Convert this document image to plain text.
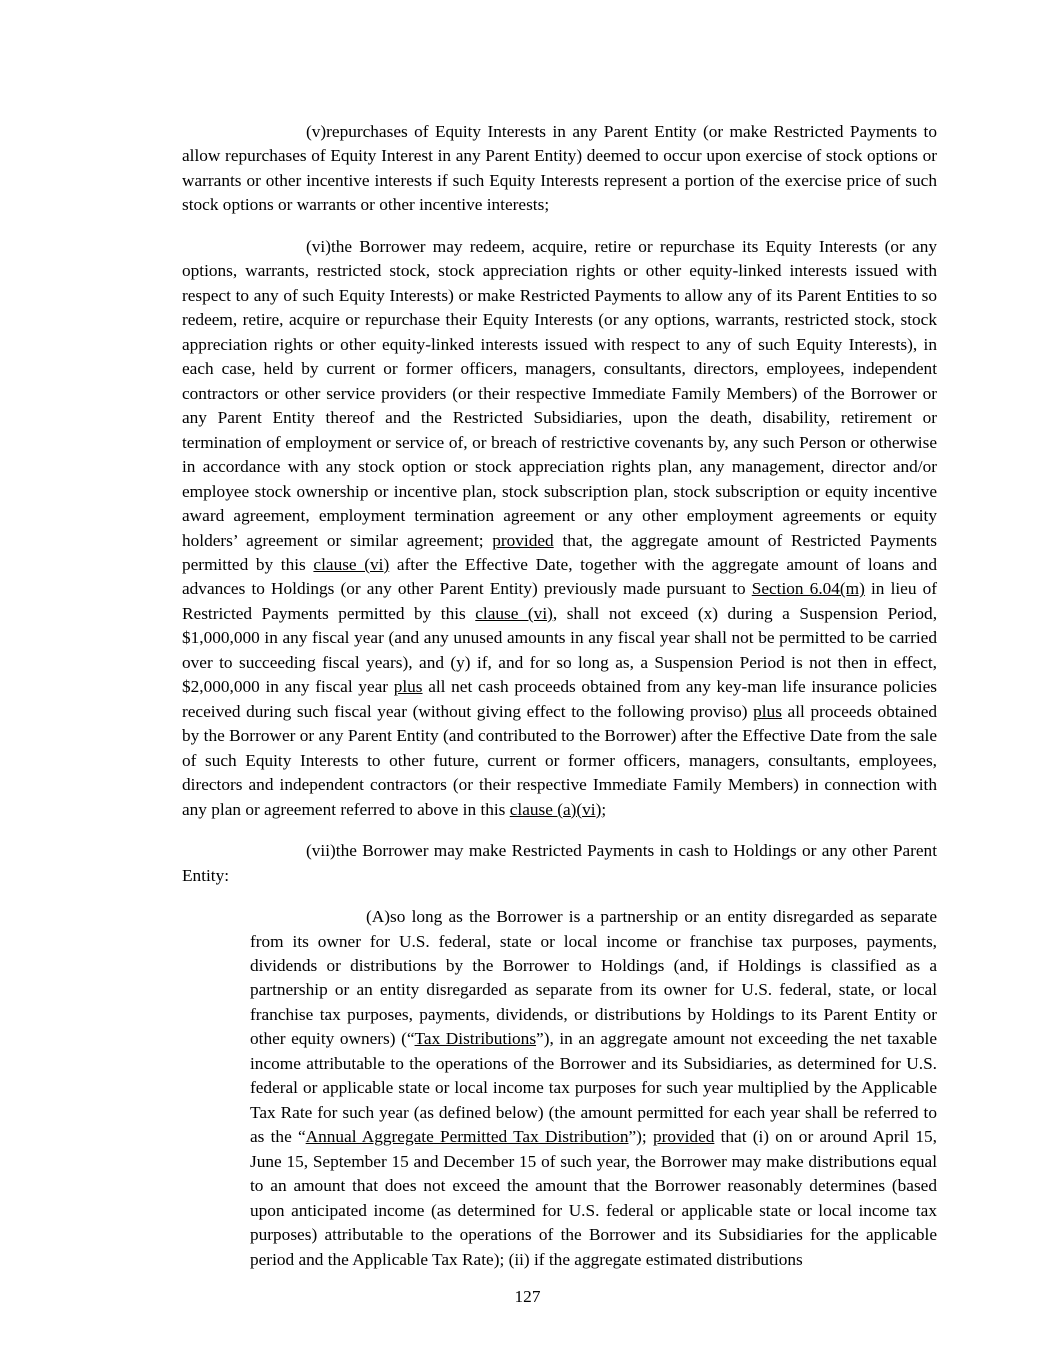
(v)repurchases of Equity Interests in any Parent Entity (or make Restricted Payments to allow repurchases of Equity Interest in any Parent Entity) deemed to occur upon exercise of stock options or warrants or other incentive interests if such Equity Interests represent a portion of the exercise price of such stock options or warrants or other incentive interests;

(vi)the Borrower may redeem, acquire, retire or repurchase its Equity Interests (or any options, warrants, restricted stock, stock appreciation rights or other equity-linked interests issued with respect to any of such Equity Interests) or make Restricted Payments to allow any of its Parent Entities to so redeem, retire, acquire or repurchase their Equity Interests (or any options, warrants, restricted stock, stock appreciation rights or other equity-linked interests issued with respect to any of such Equity Interests), in each case, held by current or former officers, managers, consultants, directors, employees, independent contractors or other service providers (or their respective Immediate Family Members) of the Borrower or any Parent Entity thereof and the Restricted Subsidiaries, upon the death, disability, retirement or termination of employment or service of, or breach of restrictive covenants by, any such Person or otherwise in accordance with any stock option or stock appreciation rights plan, any management, director and/or employee stock ownership or incentive plan, stock subscription plan, stock subscription or equity incentive award agreement, employment termination agreement or any other employment agreements or equity holders’ agreement or similar agreement; provided that, the aggregate amount of Restricted Payments permitted by this clause (vi) after the Effective Date, together with the aggregate amount of loans and advances to Holdings (or any other Parent Entity) previously made pursuant to Section 6.04(m) in lieu of Restricted Payments permitted by this clause (vi), shall not exceed (x) during a Suspension Period, $1,000,000 in any fiscal year (and any unused amounts in any fiscal year shall not be permitted to be carried over to succeeding fiscal years), and (y) if, and for so long as, a Suspension Period is not then in effect, $2,000,000 in any fiscal year plus all net cash proceeds obtained from any key-man life insurance policies received during such fiscal year (without giving effect to the following proviso) plus all proceeds obtained by the Borrower or any Parent Entity (and contributed to the Borrower) after the Effective Date from the sale of such Equity Interests to other future, current or former officers, managers, consultants, employees, directors and independent contractors (or their respective Immediate Family Members) in connection with any plan or agreement referred to above in this clause (a)(vi);

(vii)the Borrower may make Restricted Payments in cash to Holdings or any other Parent Entity:

(A)so long as the Borrower is a partnership or an entity disregarded as separate from its owner for U.S. federal, state or local income or franchise tax purposes, payments, dividends or distributions by the Borrower to Holdings (and, if Holdings is classified as a partnership or an entity disregarded as separate from its owner for U.S. federal, state, or local franchise tax purposes, payments, dividends, or distributions by Holdings to its Parent Entity or other equity owners) (“Tax Distributions”), in an aggregate amount not exceeding the net taxable income attributable to the operations of the Borrower and its Subsidiaries, as determined for U.S. federal or applicable state or local income tax purposes for such year multiplied by the Applicable Tax Rate for such year (as defined below) (the amount permitted for each year shall be referred to as the “Annual Aggregate Permitted Tax Distribution”); provided that (i) on or around April 15, June 15, September 15 and December 15 of such year, the Borrower may make distributions equal to an amount that does not exceed the amount that the Borrower reasonably determines (based upon anticipated income (as determined for U.S. federal or applicable state or local income tax purposes) attributable to the operations of the Borrower and its Subsidiaries for the applicable period and the Applicable Tax Rate); (ii) if the aggregate estimated distributions

127
